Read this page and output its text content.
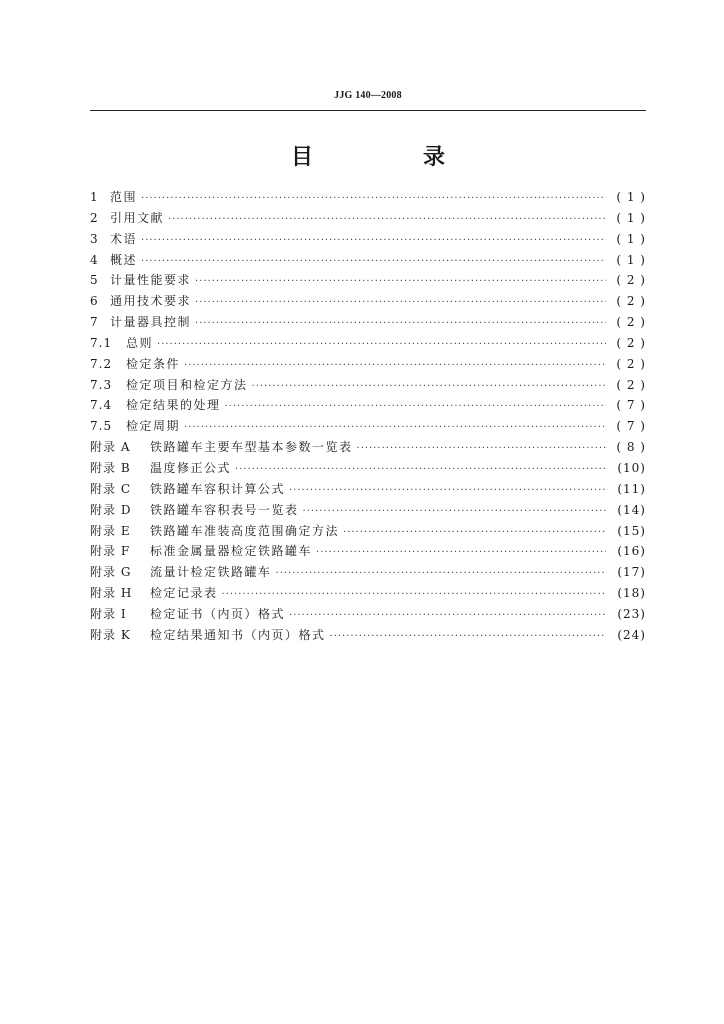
JJG 140—2008
目　录
1 范围 ·····	( 1 )
2 引用文献 ·····	( 1 )
3 术语 ·····	( 1 )
4 概述 ·····	( 1 )
5 计量性能要求 ·····	( 2 )
6 通用技术要求 ·····	( 2 )
7 计量器具控制 ·····	( 2 )
7.1	总则 ·····	( 2 )
7.2	检定条件 ·····	( 2 )
7.3	检定项目和检定方法 ·····	( 2 )
7.4	检定结果的处理 ·····	( 7 )
7.5	检定周期 ·····	( 7 )
附录 A	铁路罐车主要车型基本参数一览表 ·····	( 8 )
附录 B	温度修正公式 ·····	(10)
附录 C	铁路罐车容积计算公式 ·····	(11)
附录 D	铁路罐车容积表号一览表 ·····	(14)
附录 E	铁路罐车准装高度范围确定方法 ·····	(15)
附录 F	标准金属量器检定铁路罐车 ·····	(16)
附录 G	流量计检定铁路罐车 ·····	(17)
附录 H	检定记录表 ·····	(18)
附录 I	检定证书（内页）格式 ·····	(23)
附录 K	检定结果通知书（内页）格式 ·····	(24)
